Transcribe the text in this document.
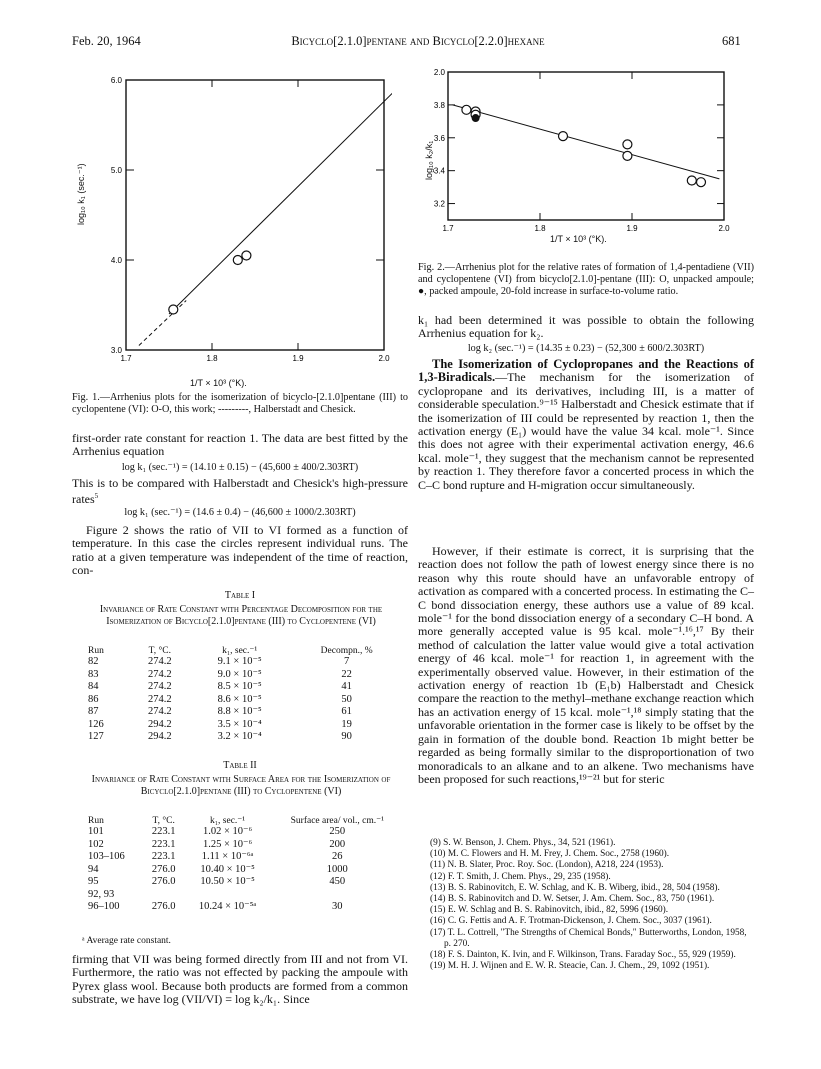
Feb. 20, 1964	Bicyclo[2.1.0]pentane and Bicyclo[2.2.0]hexane	681
1.7	1.8	1.9	2.0
3.0
4.0
5.0
6.0
1/T × 10³ (°K).
log₁₀ k₁ (sec.⁻¹)
Fig. 1.—Arrhenius plots for the isomerization of bicyclo-[2.1.0]pentane (III) to cyclopentene (VI): O-O, this work; ---------, Halberstadt and Chesick.
first-order rate constant for reaction 1. The data are best fitted by the Arrhenius equation
log k₁ (sec.⁻¹) = (14.10 ± 0.15) − (45,600 ± 400/2.303RT)
This is to be compared with Halberstadt and Chesick's high-pressure rates$^5$
log k₁ (sec.⁻¹) = (14.6 ± 0.4) − (46,600 ± 1000/2.303RT)
Figure 2 shows the ratio of VII to VI formed as a function of temperature. In this case the circles represent individual runs. The ratio at a given temperature was independent of the time of reaction, con-
Table I
Invariance of Rate Constant with Percentage Decomposition for the Isomerization of Bicyclo[2.1.0]pentane (III) to Cyclopentene (VI)
Run	T, °C.	k₁, sec.⁻¹	Decompn., %
82	274.2	9.1 × 10⁻⁵	7
83	274.2	9.0 × 10⁻⁵	22
84	274.2	8.5 × 10⁻⁵	41
86	274.2	8.6 × 10⁻⁵	50
87	274.2	8.8 × 10⁻⁵	61
126	294.2	3.5 × 10⁻⁴	19
127	294.2	3.2 × 10⁻⁴	90
Table II
Invariance of Rate Constant with Surface Area for the Isomerization of Bicyclo[2.1.0]pentane (III) to Cyclopentene (VI)
Run	T, °C.	k₁, sec.⁻¹	Surface area/ vol., cm.⁻¹
101	223.1	1.02 × 10⁻⁶	250
102	223.1	1.25 × 10⁻⁶	200
103–106	223.1	1.11 × 10⁻⁶ᵃ	26
94	276.0	10.40 × 10⁻⁵	1000
95	276.0	10.50 × 10⁻⁵	450
92, 93			
96–100	276.0	10.24 × 10⁻⁵ᵃ	30
ᵃ Average rate constant.
firming that VII was being formed directly from III and not from VI. Furthermore, the ratio was not effected by packing the ampoule with Pyrex glass wool. Because both products are formed from a common substrate, we have log (VII/VI) = log k₂/k₁. Since
1.7	1.8	1.9	2.0
2.0
3.8
3.6
3.4
3.2
1/T × 10³ (°K).
log₁₀ k₂/k₁
Fig. 2.—Arrhenius plot for the relative rates of formation of 1,4-pentadiene (VII) and cyclopentene (VI) from bicyclo[2.1.0]-pentane (III): O, unpacked ampoule; ●, packed ampoule, 20-fold increase in surface-to-volume ratio.
k₁ had been determined it was possible to obtain the following Arrhenius equation for k₂.
log k₂ (sec.⁻¹) = (14.35 ± 0.23) − (52,300 ± 600/2.303RT)
The Isomerization of Cyclopropanes and the Reactions of 1,3-Biradicals.—The mechanism for the isomerization of cyclopropane and its derivatives, including III, is a matter of considerable speculation.⁹⁻¹⁵ Halberstadt and Chesick estimate that if the isomerization of III could be represented by reaction 1, then the activation energy (E₁) would have the value 34 kcal. mole⁻¹. Since this does not agree with their experimental activation energy, 46.6 kcal. mole⁻¹, they suggest that the mechanism cannot be represented by reaction 1. They therefore favor a concerted process in which the C–C bond rupture and H-migration occur simultaneously.
However, if their estimate is correct, it is surprising that the reaction does not follow the path of lowest energy since there is no reason why this route should have an unfavorable entropy of activation as compared with a concerted process. In estimating the C–C bond dissociation energy, these authors use a value of 89 kcal. mole⁻¹ for the bond dissociation energy of a secondary C–H bond. A more generally accepted value is 95 kcal. mole⁻¹.¹⁶,¹⁷ By their method of calculation the latter value would give a total activation energy of 46 kcal. mole⁻¹ for reaction 1, in agreement with the experimentally observed value. However, in their estimation of the activation energy of reaction 1b (E₁b) Halberstadt and Chesick compare the reaction to the methyl–methane exchange reaction which has an activation energy of 15 kcal. mole⁻¹,¹⁸ simply stating that the unfavorable orientation in the former case is likely to be offset by the gain in formation of the double bond. Reaction 1b might better be regarded as being formally similar to the disproportionation of two monoradicals to an alkane and to an alkene. Two mechanisms have been proposed for such reactions,¹⁹⁻²¹ but for steric
(9) S. W. Benson, J. Chem. Phys., 34, 521 (1961).
(10) M. C. Flowers and H. M. Frey, J. Chem. Soc., 2758 (1960).
(11) N. B. Slater, Proc. Roy. Soc. (London), A218, 224 (1953).
(12) F. T. Smith, J. Chem. Phys., 29, 235 (1958).
(13) B. S. Rabinovitch, E. W. Schlag, and K. B. Wiberg, ibid., 28, 504 (1958).
(14) B. S. Rabinovitch and D. W. Setser, J. Am. Chem. Soc., 83, 750 (1961).
(15) E. W. Schlag and B. S. Rabinovitch, ibid., 82, 5996 (1960).
(16) C. G. Fettis and A. F. Trotman-Dickenson, J. Chem. Soc., 3037 (1961).
(17) T. L. Cottrell, "The Strengths of Chemical Bonds," Butterworths, London, 1958, p. 270.
(18) F. S. Dainton, K. Ivin, and F. Wilkinson, Trans. Faraday Soc., 55, 929 (1959).
(19) M. H. J. Wijnen and E. W. R. Steacie, Can. J. Chem., 29, 1092 (1951).
